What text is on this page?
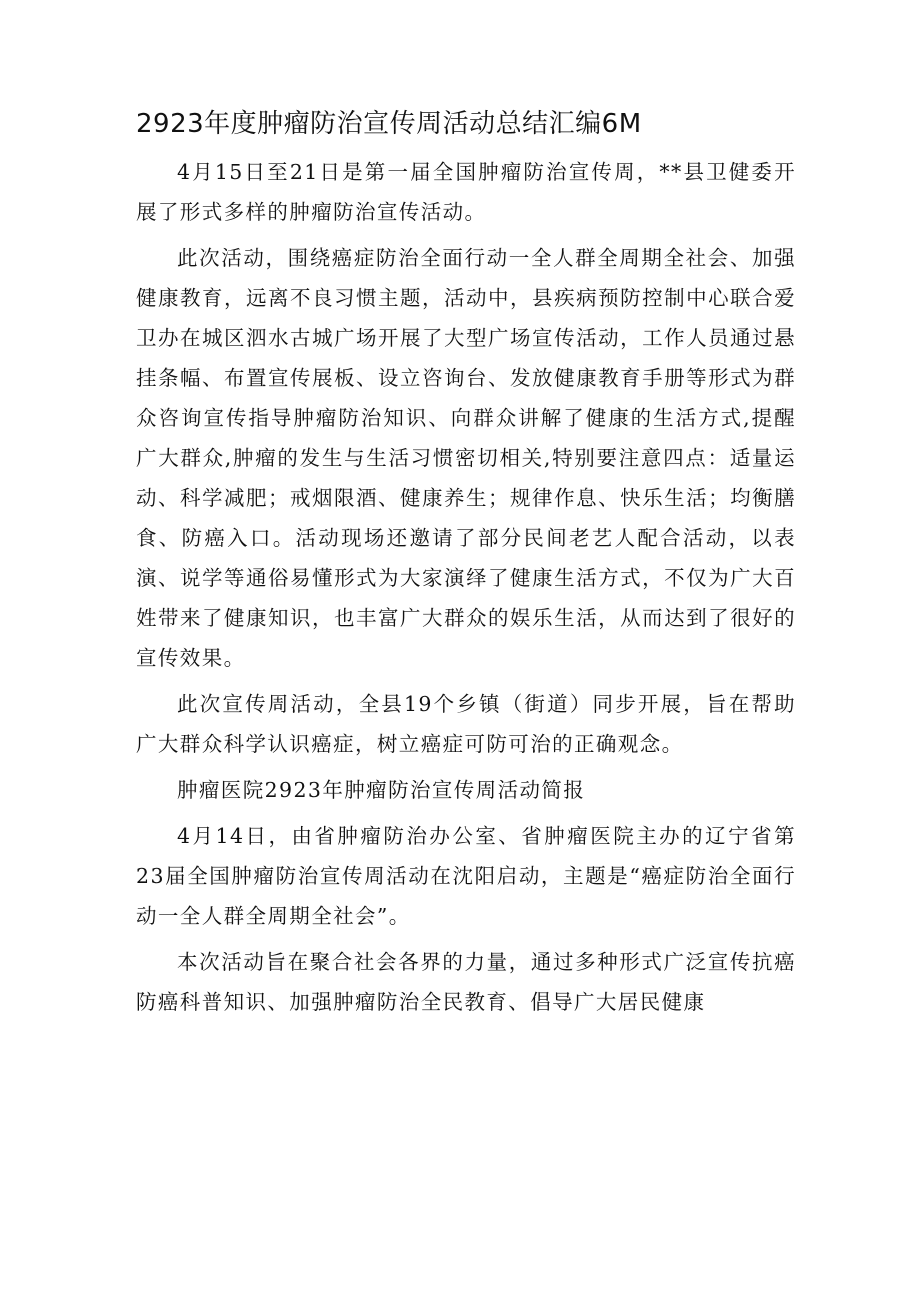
2923年度肿瘤防治宣传周活动总结汇编6M

4月15日至21日是第一届全国肿瘤防治宣传周，**县卫健委开展了形式多样的肿瘤防治宣传活动。

此次活动，围绕癌症防治全面行动一全人群全周期全社会、加强健康教育，远离不良习惯主题，活动中，县疾病预防控制中心联合爱卫办在城区泗水古城广场开展了大型广场宣传活动，工作人员通过悬挂条幅、布置宣传展板、设立咨询台、发放健康教育手册等形式为群众咨询宣传指导肿瘤防治知识、向群众讲解了健康的生活方式,提醒广大群众,肿瘤的发生与生活习惯密切相关,特别要注意四点：适量运动、科学减肥；戒烟限酒、健康养生；规律作息、快乐生活；均衡膳食、防癌入口。活动现场还邀请了部分民间老艺人配合活动，以表演、说学等通俗易懂形式为大家演绎了健康生活方式，不仅为广大百姓带来了健康知识，也丰富广大群众的娱乐生活，从而达到了很好的宣传效果。

此次宣传周活动，全县19个乡镇（街道）同步开展，旨在帮助广大群众科学认识癌症，树立癌症可防可治的正确观念。

肿瘤医院2923年肿瘤防治宣传周活动简报

4月14日，由省肿瘤防治办公室、省肿瘤医院主办的辽宁省第23届全国肿瘤防治宣传周活动在沈阳启动，主题是“癌症防治全面行动一全人群全周期全社会”。

本次活动旨在聚合社会各界的力量，通过多种形式广泛宣传抗癌防癌科普知识、加强肿瘤防治全民教育、倡导广大居民健康
